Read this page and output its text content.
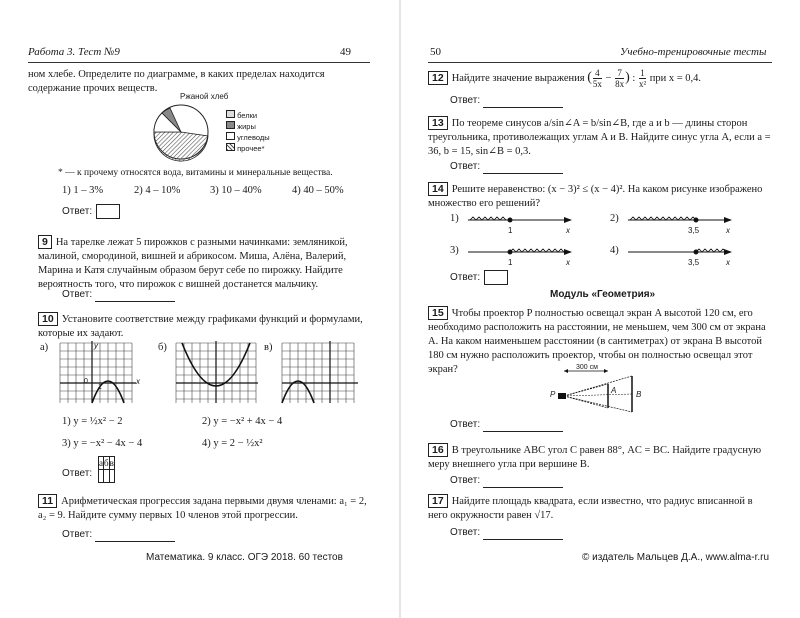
Работа 3. Тест №9	49
ном хлебе. Определите по диаграмме, в каких пределах находится содержание прочих веществ.
Ржаной хлеб
белки
жиры
углеводы
прочее*
* — к прочему относятся вода, витамины и минеральные вещества.
1) 1 – 3%	2) 4 – 10%	3) 10 – 40%	4) 40 – 50%
Ответ:
9 На тарелке лежат 5 пирожков с разными начинками: земляникой, малиной, смородиной, вишней и абрикосом. Миша, Алёна, Валерий, Марина и Катя случайным образом берут себе по пирожку. Найдите вероятность того, что пирожок с вишней достанется мальчику.
Ответ:
10 Установите соответствие между графиками функций и формулами, которые их задают.
а)	y
x
0
1
б)	в)
1) y = ½x² − 2	2) y = −x² + 4x − 4
3) y = −x² − 4x − 4	4) y = 2 − ½x²
Ответ:
а	б	в

11 Арифметическая прогрессия задана первыми двумя членами: a₁ = 2, a₂ = 9. Найдите сумму первых 10 членов этой прогрессии.
Ответ:
Математика. 9 класс. ОГЭ 2018. 60 тестов
50	Учебно-тренировочные тесты
12 Найдите значение выражения ( $\frac{4}{5x} - \frac{7}{8x}$ ) : $\frac{1}{\text{x²}}$ при x = 0,4.
Ответ:
13 По теореме синусов a/sin∠A = b/sin∠B, где a и b — длины сторон треугольника, противолежащих углам A и B. Найдите синус угла A, если a = 36, b = 15, sin∠B = 0,3.
Ответ:
14 Решите неравенство: (x − 3)² ≤ (x − 4)². На каком рисунке изображено множество его решений?
1)
1	x
2)
3,5	x
3)
1	x
4)
3,5	x
Ответ:
Модуль «Геометрия»
15 Чтобы проектор P полностью освещал экран A высотой 120 см, его необходимо расположить на расстоянии, не меньшем, чем 300 см от экрана A. На каком наименьшем расстоянии (в сантиметрах) от экрана B высотой 180 см нужно расположить проектор, чтобы он полностью освещал этот экран?	300 см
P	A B
Ответ:
16 В треугольнике ABC угол C равен 88°, AC = BC. Найдите градусную меру внешнего угла при вершине B.
Ответ:
17 Найдите площадь квадрата, если известно, что радиус вписанной в него окружности равен √17.
Ответ:
© издатель Мальцев Д.А., www.alma-r.ru
